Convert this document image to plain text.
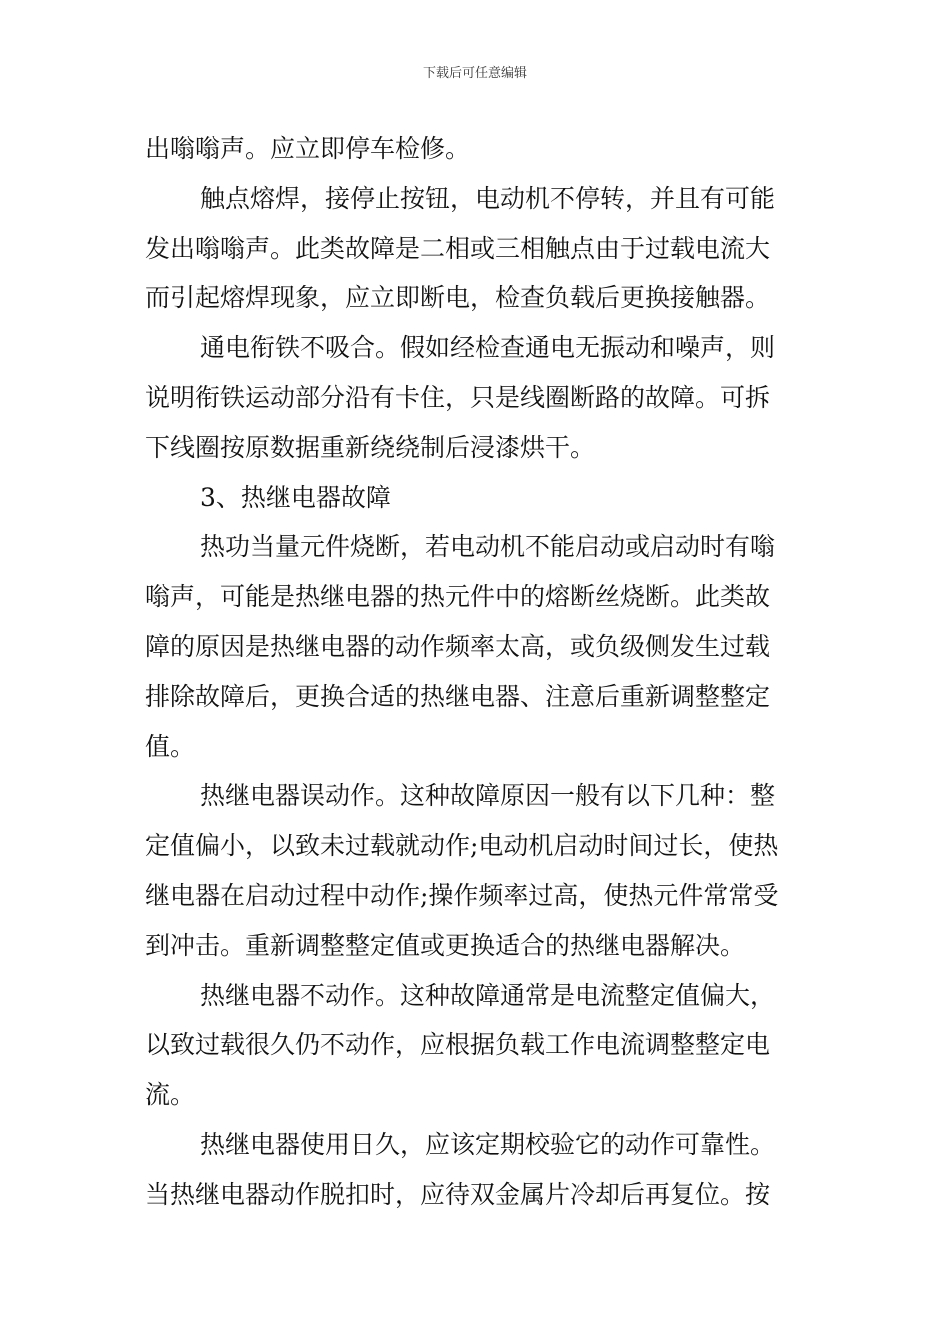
下载后可任意编辑
出嗡嗡声。应立即停车检修。
触点熔焊，接停止按钮，电动机不停转，并且有可能
发出嗡嗡声。此类故障是二相或三相触点由于过载电流大
而引起熔焊现象，应立即断电，检查负载后更换接触器。
通电衔铁不吸合。假如经检查通电无振动和噪声，则
说明衔铁运动部分沿有卡住，只是线圈断路的故障。可拆
下线圈按原数据重新绕绕制后浸漆烘干。
3、热继电器故障
热功当量元件烧断，若电动机不能启动或启动时有嗡
嗡声，可能是热继电器的热元件中的熔断丝烧断。此类故
障的原因是热继电器的动作频率太高，或负级侧发生过载
排除故障后，更换合适的热继电器、注意后重新调整整定
值。
热继电器误动作。这种故障原因一般有以下几种：整
定值偏小，以致未过载就动作;电动机启动时间过长，使热
继电器在启动过程中动作;操作频率过高，使热元件常常受
到冲击。重新调整整定值或更换适合的热继电器解决。
热继电器不动作。这种故障通常是电流整定值偏大，
以致过载很久仍不动作，应根据负载工作电流调整整定电
流。
热继电器使用日久，应该定期校验它的动作可靠性。
当热继电器动作脱扣时，应待双金属片冷却后再复位。按
